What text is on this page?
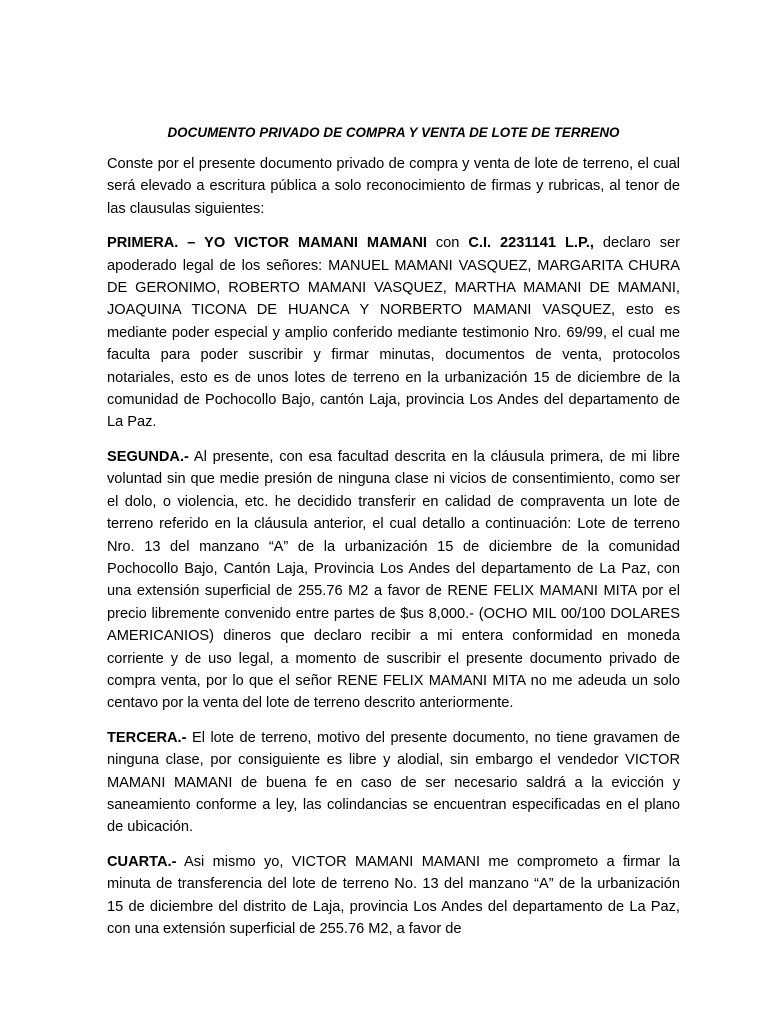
DOCUMENTO PRIVADO DE COMPRA Y VENTA DE LOTE DE TERRENO

Conste por el presente documento privado de compra y venta de lote de terreno, el cual será elevado a escritura pública a solo reconocimiento de firmas y rubricas, al tenor de las clausulas siguientes:

PRIMERA. – YO VICTOR MAMANI MAMANI con C.I. 2231141 L.P., declaro ser apoderado legal de los señores: MANUEL MAMANI VASQUEZ, MARGARITA CHURA DE GERONIMO, ROBERTO MAMANI VASQUEZ, MARTHA MAMANI DE MAMANI, JOAQUINA TICONA DE HUANCA Y NORBERTO MAMANI VASQUEZ, esto es mediante poder especial y amplio conferido mediante testimonio Nro. 69/99, el cual me faculta para poder suscribir y firmar minutas, documentos de venta, protocolos notariales, esto es de unos lotes de terreno en la urbanización 15 de diciembre de la comunidad de Pochocollo Bajo, cantón Laja, provincia Los Andes del departamento de La Paz.

SEGUNDA.- Al presente, con esa facultad descrita en la cláusula primera, de mi libre voluntad sin que medie presión de ninguna clase ni vicios de consentimiento, como ser el dolo, o violencia, etc. he decidido transferir en calidad de compraventa un lote de terreno referido en la cláusula anterior, el cual detallo a continuación: Lote de terreno Nro. 13 del manzano “A” de la urbanización 15 de diciembre de la comunidad Pochocollo Bajo, Cantón Laja, Provincia Los Andes del departamento de La Paz, con una extensión superficial de 255.76 M2 a favor de RENE FELIX MAMANI MITA por el precio libremente convenido entre partes de $us 8,000.- (OCHO MIL 00/100 DOLARES AMERICANIOS) dineros que declaro recibir a mi entera conformidad en moneda corriente y de uso legal, a momento de suscribir el presente documento privado de compra venta, por lo que el señor RENE FELIX MAMANI MITA no me adeuda un solo centavo por la venta del lote de terreno descrito anteriormente.

TERCERA.- El lote de terreno, motivo del presente documento, no tiene gravamen de ninguna clase, por consiguiente es libre y alodial, sin embargo el vendedor VICTOR MAMANI MAMANI de buena fe en caso de ser necesario saldrá a la evicción y saneamiento conforme a ley, las colindancias se encuentran especificadas en el plano de ubicación.

CUARTA.- Asi mismo yo, VICTOR MAMANI MAMANI me comprometo a firmar la minuta de transferencia del lote de terreno No. 13 del manzano “A” de la urbanización 15 de diciembre del distrito de Laja, provincia Los Andes del departamento de La Paz, con una extensión superficial de 255.76 M2, a favor de
